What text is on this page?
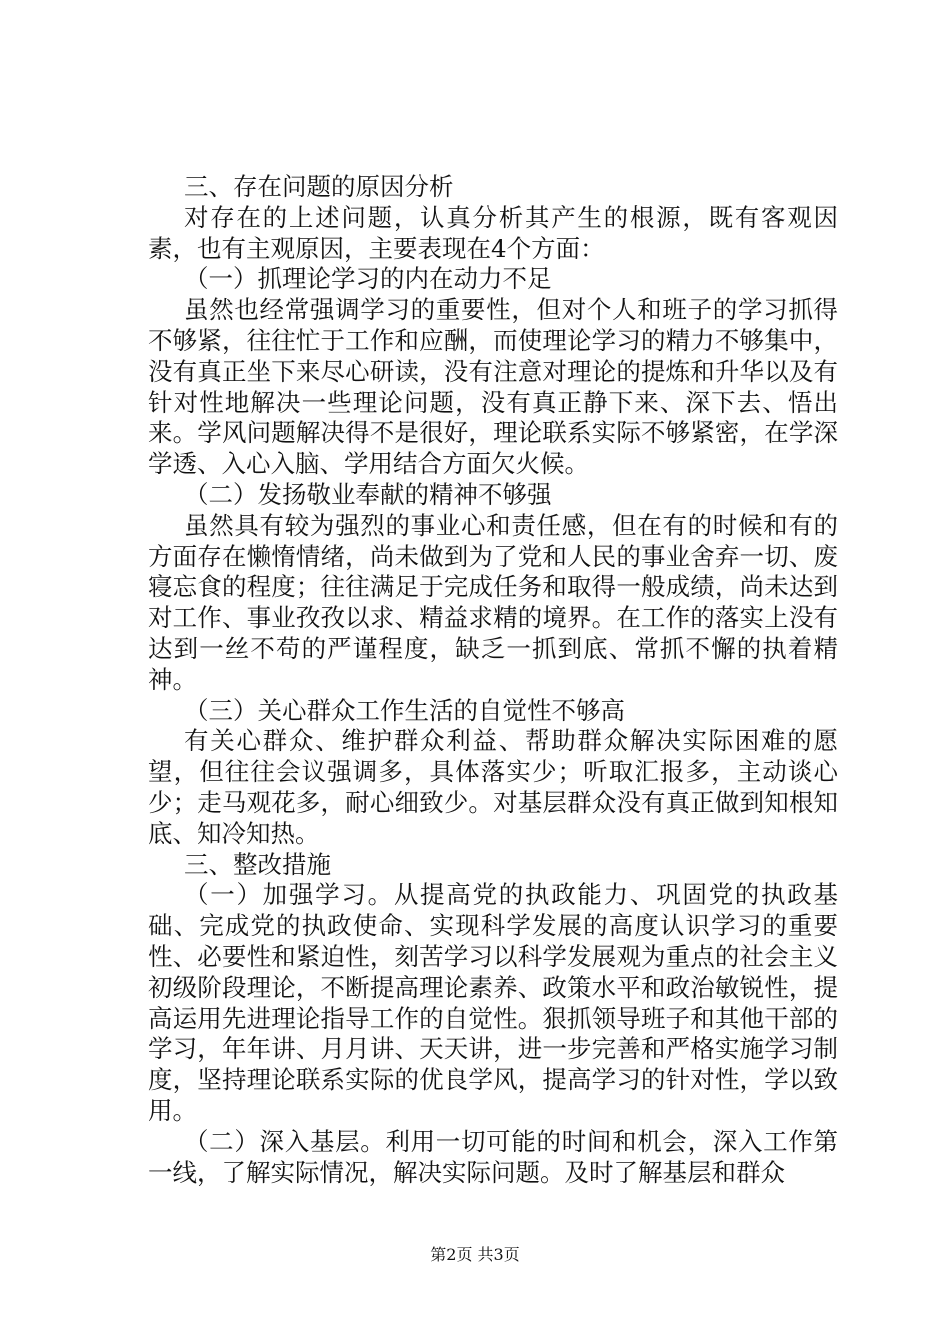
三、存在问题的原因分析

对存在的上述问题，认真分析其产生的根源，既有客观因素，也有主观原因，主要表现在4个方面：

（一）抓理论学习的内在动力不足

虽然也经常强调学习的重要性，但对个人和班子的学习抓得不够紧，往往忙于工作和应酬，而使理论学习的精力不够集中，没有真正坐下来尽心研读，没有注意对理论的提炼和升华以及有针对性地解决一些理论问题，没有真正静下来、深下去、悟出来。学风问题解决得不是很好，理论联系实际不够紧密，在学深学透、入心入脑、学用结合方面欠火候。

（二）发扬敬业奉献的精神不够强

虽然具有较为强烈的事业心和责任感，但在有的时候和有的方面存在懒惰情绪，尚未做到为了党和人民的事业舍弃一切、废寝忘食的程度；往往满足于完成任务和取得一般成绩，尚未达到对工作、事业孜孜以求、精益求精的境界。在工作的落实上没有达到一丝不苟的严谨程度，缺乏一抓到底、常抓不懈的执着精神。

（三）关心群众工作生活的自觉性不够高

有关心群众、维护群众利益、帮助群众解决实际困难的愿望，但往往会议强调多，具体落实少；听取汇报多，主动谈心少；走马观花多，耐心细致少。对基层群众没有真正做到知根知底、知冷知热。

三、整改措施

（一）加强学习。从提高党的执政能力、巩固党的执政基础、完成党的执政使命、实现科学发展的高度认识学习的重要性、必要性和紧迫性，刻苦学习以科学发展观为重点的社会主义初级阶段理论，不断提高理论素养、政策水平和政治敏锐性，提高运用先进理论指导工作的自觉性。狠抓领导班子和其他干部的学习，年年讲、月月讲、天天讲，进一步完善和严格实施学习制度，坚持理论联系实际的优良学风，提高学习的针对性，学以致用。

（二）深入基层。利用一切可能的时间和机会，深入工作第一线，了解实际情况，解决实际问题。及时了解基层和群众

第2页 共3页
